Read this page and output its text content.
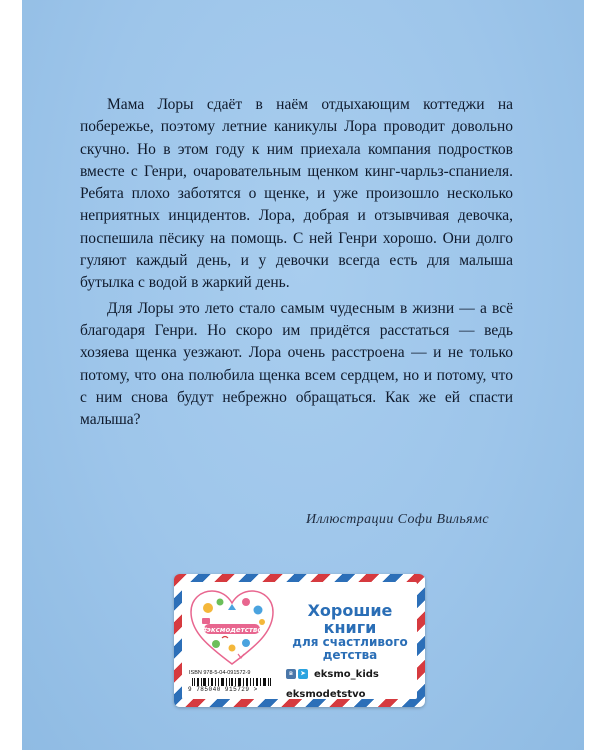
Мама Лоры сдаёт в наём отдыхающим коттеджи на побережье, поэтому летние каникулы Лора проводит довольно скучно. Но в этом году к ним приехала компания подростков вместе с Генри, очаровательным щенком кинг-чарльз-спаниеля. Ребята плохо заботятся о щенке, и уже произошло несколько неприятных инцидентов. Лора, добрая и отзывчивая девочка, поспешила пёсику на помощь. С ней Генри хорошо. Они долго гуляют каждый день, и у девочки всегда есть для малыша бутылка с водой в жаркий день.

Для Лоры это лето стало самым чудесным в жизни — а всё благодаря Генри. Но скоро им придётся расстаться — ведь хозяева щенка уезжают. Лора очень расстроена — и не только потому, что она полюбила щенка всем сердцем, но и потому, что с ним снова будут небрежно обращаться. Как же ей спасти малыша?

Иллюстрации Софи Вильямс
#эксмодетство
Хорошие
книги
для счастливого
детства
ISBN 978-5-04-091572-9
9 785040 915729 >
в	➤ eksmo_kids
eksmodetstvo
